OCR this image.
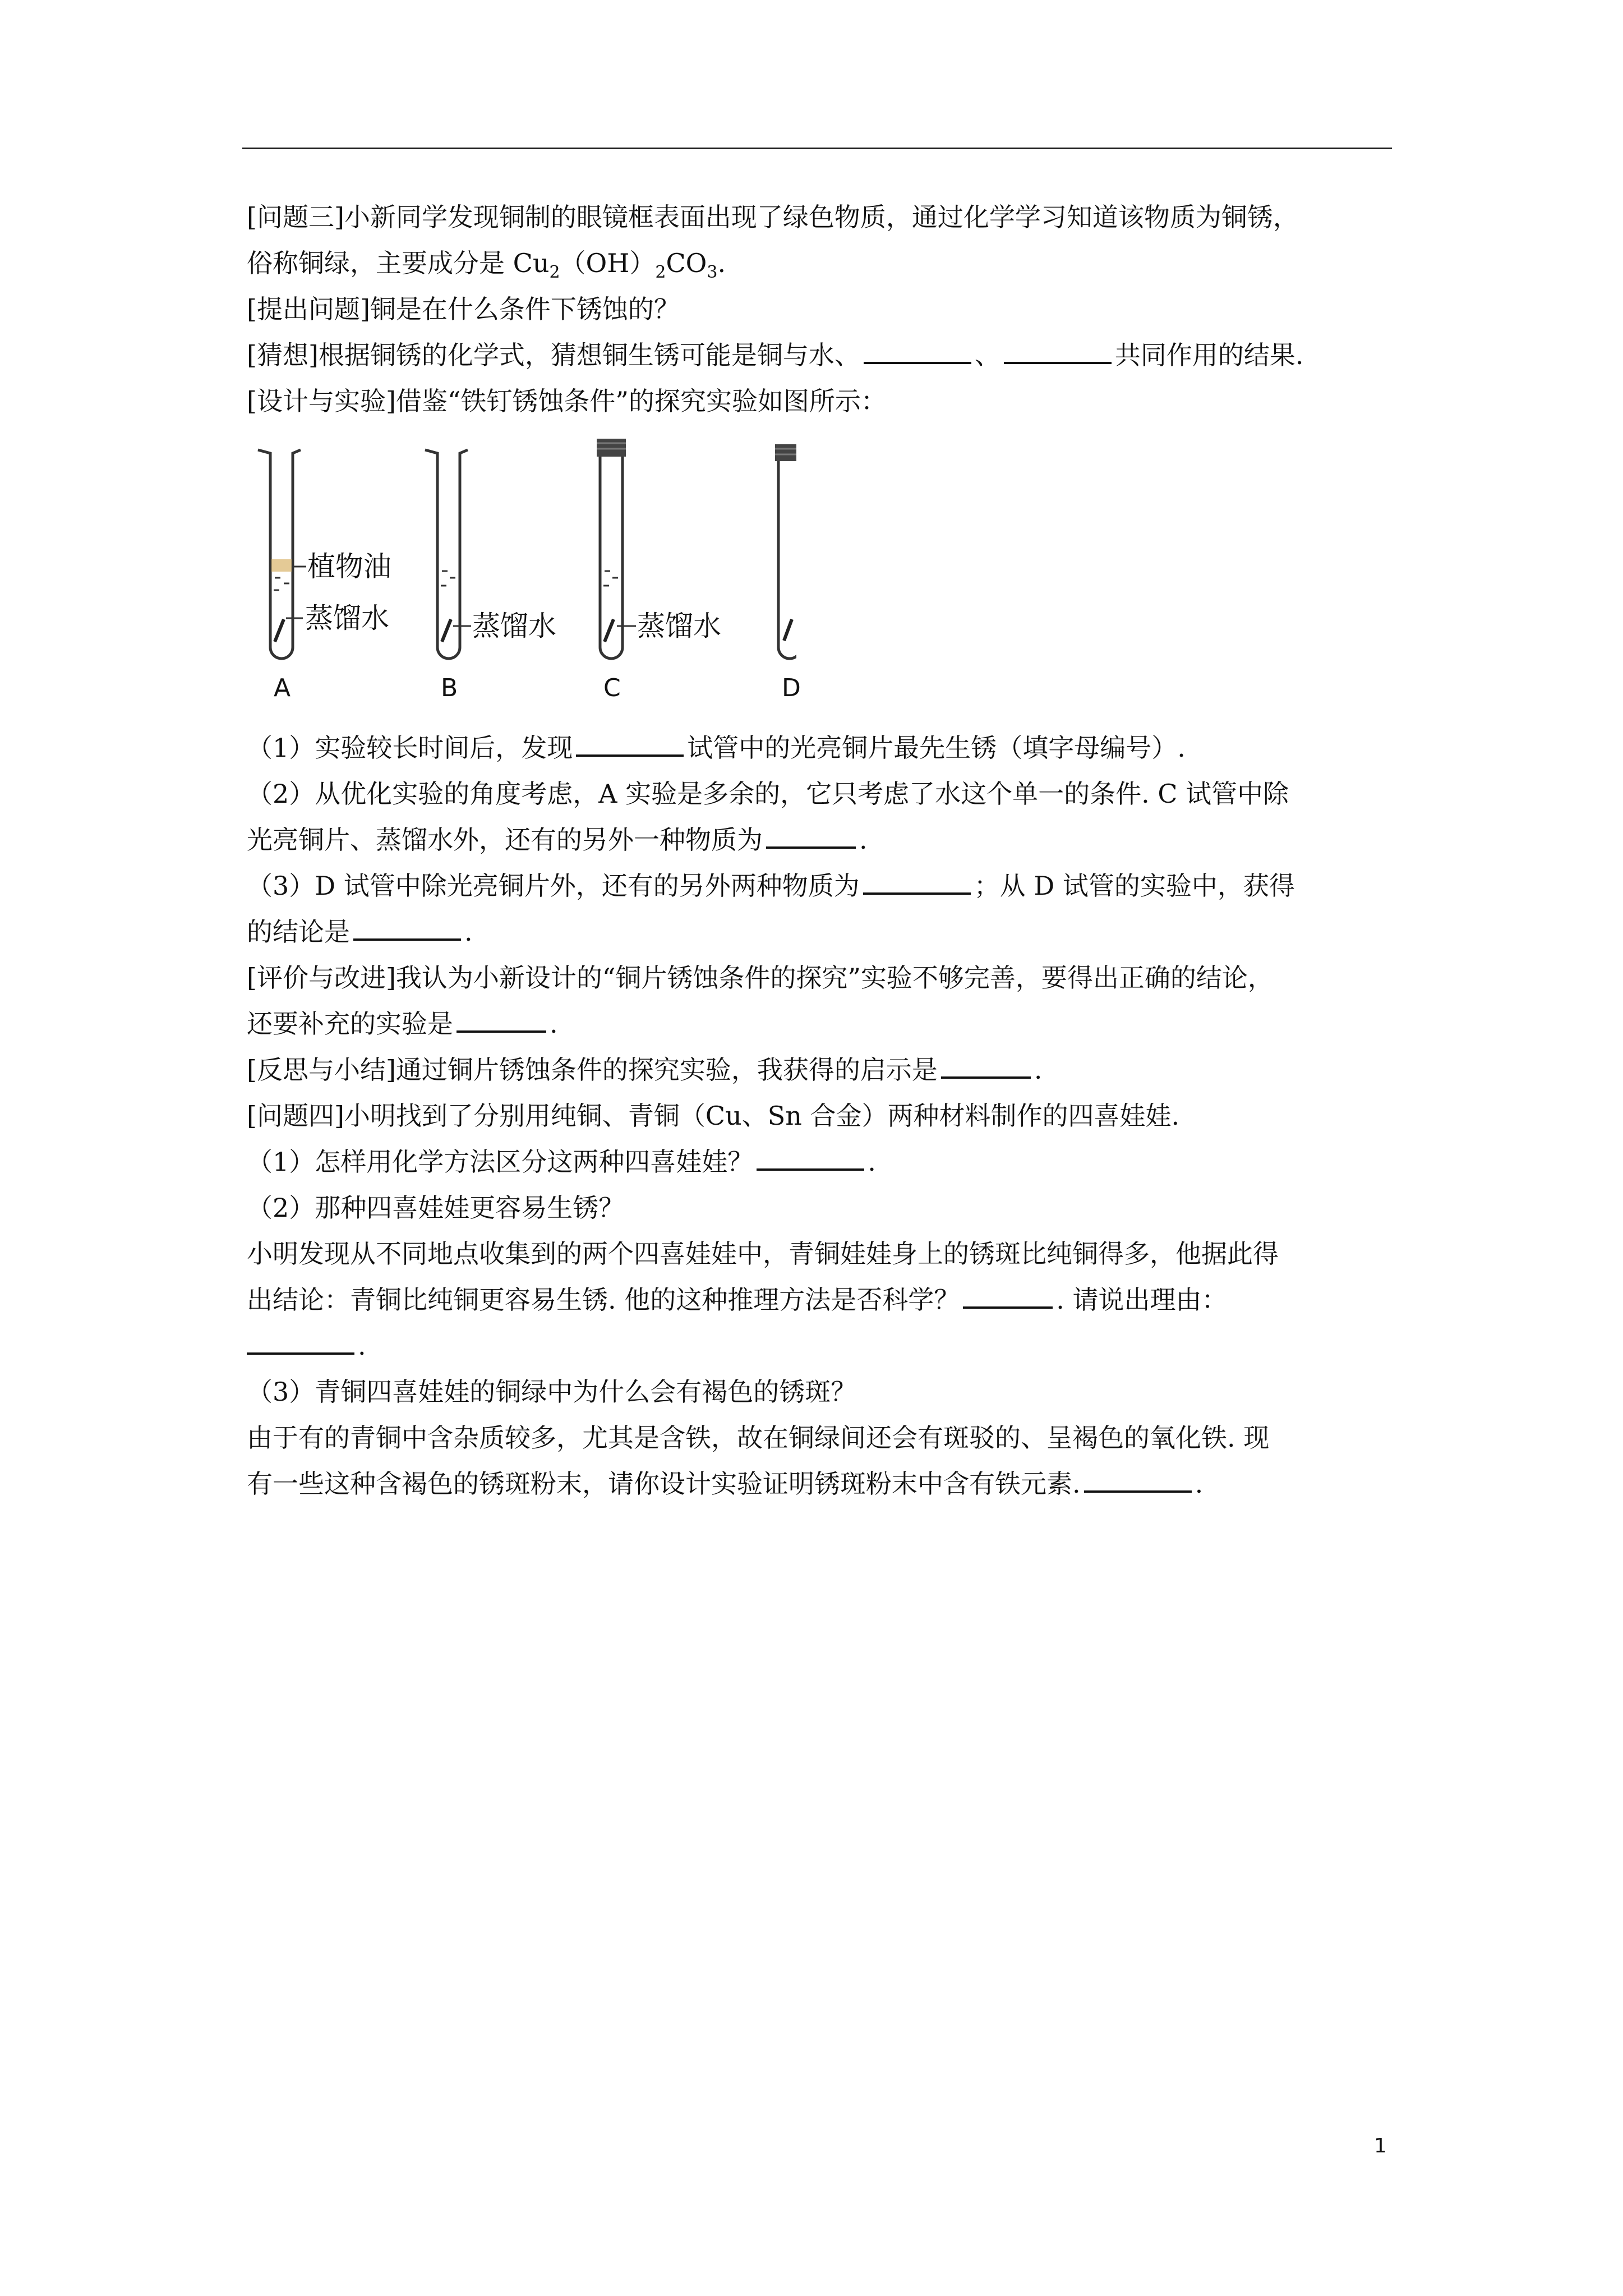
[问题三]小新同学发现铜制的眼镜框表面出现了绿色物质，通过化学学习知道该物质为铜锈，
俗称铜绿，主要成分是 $Cu_2(OH)_2CO_3$.
[提出问题]铜是在什么条件下锈蚀的？
[猜想]根据铜锈的化学式，猜想铜生锈可能是铜与水、	、	共同作用的结果.
[设计与实验]借鉴“铁钉锈蚀条件”的探究实验如图所示：
植物油
蒸馏水	蒸馏水	蒸馏水
A	B	C	D
（1）实验较长时间后，发现	试管中的光亮铜片最先生锈（填字母编号）.
（2）从优化实验的角度考虑，A 实验是多余的，它只考虑了水这个单一的条件. C 试管中除
光亮铜片、蒸馏水外，还有的另外一种物质为	.
（3）D 试管中除光亮铜片外，还有的另外两种物质为	；从 D 试管的实验中，获得
的结论是	.
[评价与改进]我认为小新设计的“铜片锈蚀条件的探究”实验不够完善，要得出正确的结论，
还要补充的实验是	.
[反思与小结]通过铜片锈蚀条件的探究实验，我获得的启示是	.
[问题四]小明找到了分别用纯铜、青铜（Cu、Sn 合金）两种材料制作的四喜娃娃.
（1）怎样用化学方法区分这两种四喜娃娃？	.
（2）那种四喜娃娃更容易生锈？
小明发现从不同地点收集到的两个四喜娃娃中，青铜娃娃身上的锈斑比纯铜得多，他据此得
出结论：青铜比纯铜更容易生锈. 他的这种推理方法是否科学？	. 请说出理由：
.
（3）青铜四喜娃娃的铜绿中为什么会有褐色的锈斑？
由于有的青铜中含杂质较多，尤其是含铁，故在铜绿间还会有斑驳的、呈褐色的氧化铁. 现
有一些这种含褐色的锈斑粉末，请你设计实验证明锈斑粉末中含有铁元素.	.
1
